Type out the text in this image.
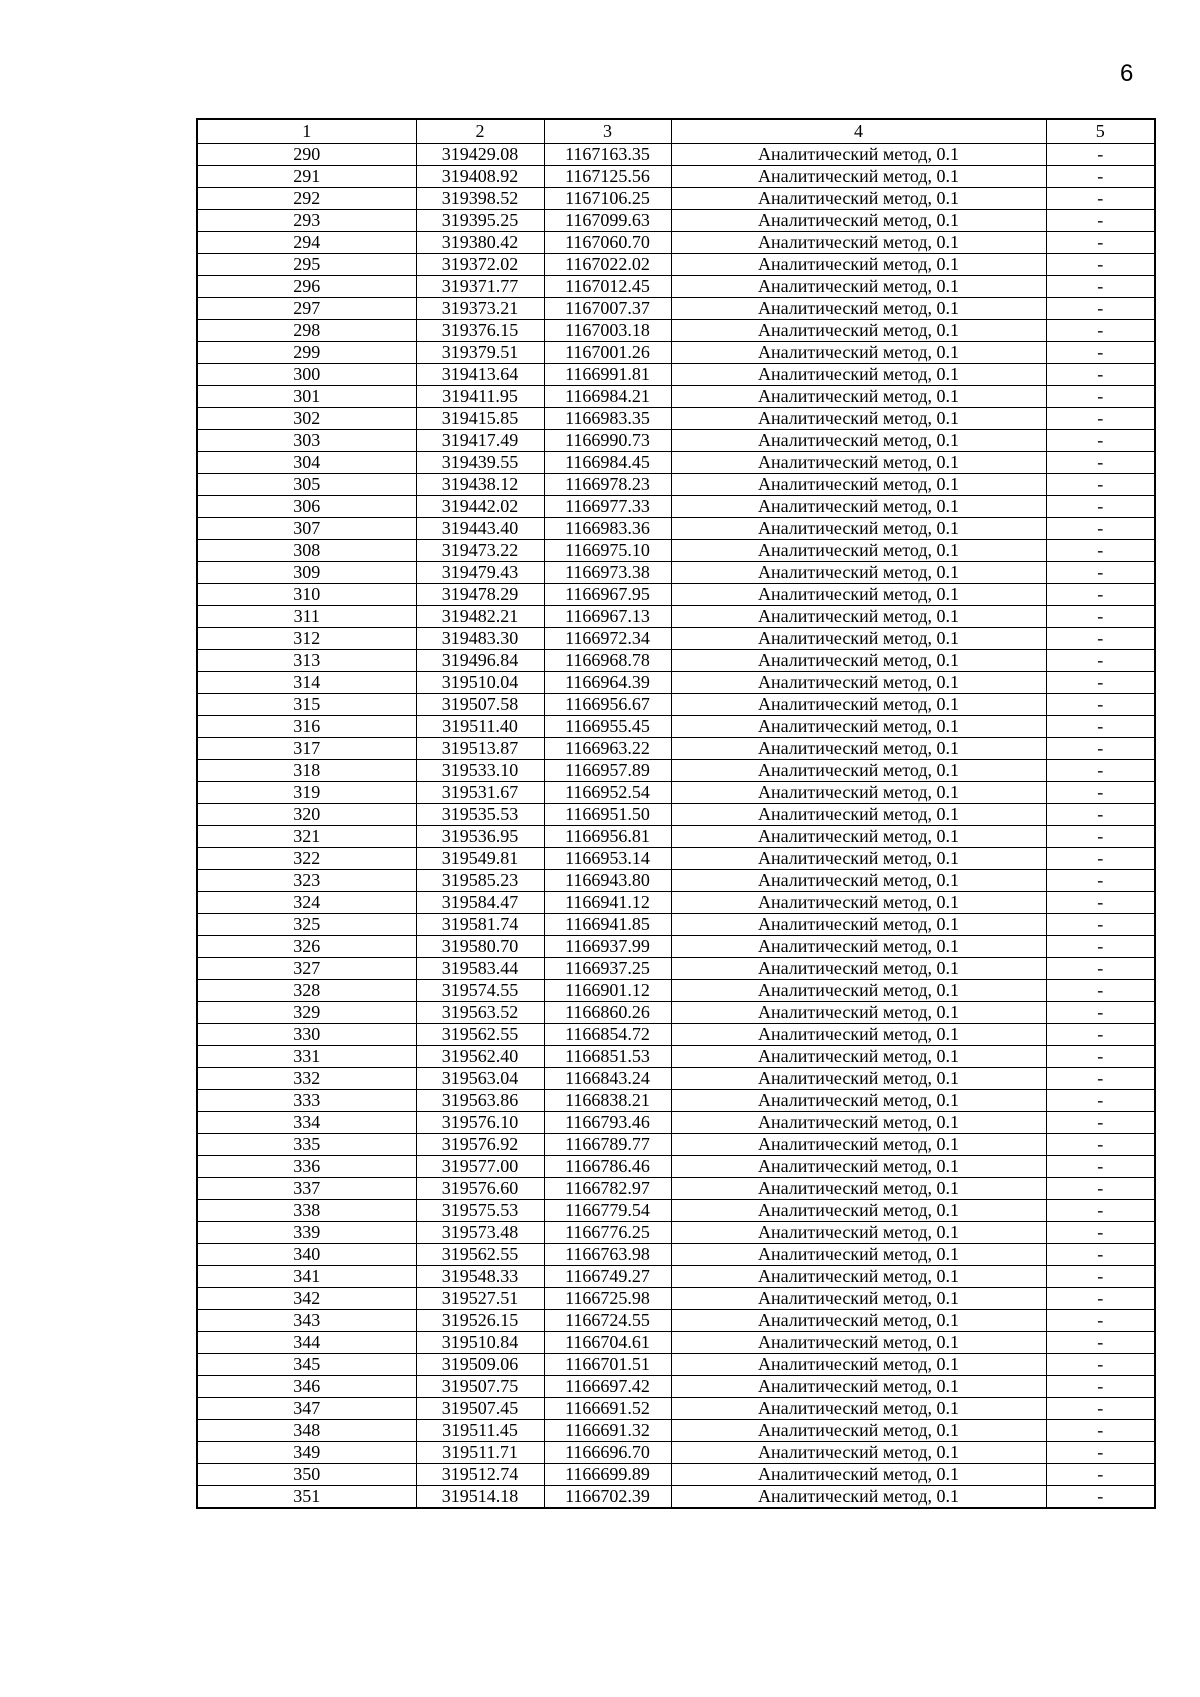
6
1	2	3	4	5
290	319429.08	1167163.35	Аналитический метод, 0.1	-
291	319408.92	1167125.56	Аналитический метод, 0.1	-
292	319398.52	1167106.25	Аналитический метод, 0.1	-
293	319395.25	1167099.63	Аналитический метод, 0.1	-
294	319380.42	1167060.70	Аналитический метод, 0.1	-
295	319372.02	1167022.02	Аналитический метод, 0.1	-
296	319371.77	1167012.45	Аналитический метод, 0.1	-
297	319373.21	1167007.37	Аналитический метод, 0.1	-
298	319376.15	1167003.18	Аналитический метод, 0.1	-
299	319379.51	1167001.26	Аналитический метод, 0.1	-
300	319413.64	1166991.81	Аналитический метод, 0.1	-
301	319411.95	1166984.21	Аналитический метод, 0.1	-
302	319415.85	1166983.35	Аналитический метод, 0.1	-
303	319417.49	1166990.73	Аналитический метод, 0.1	-
304	319439.55	1166984.45	Аналитический метод, 0.1	-
305	319438.12	1166978.23	Аналитический метод, 0.1	-
306	319442.02	1166977.33	Аналитический метод, 0.1	-
307	319443.40	1166983.36	Аналитический метод, 0.1	-
308	319473.22	1166975.10	Аналитический метод, 0.1	-
309	319479.43	1166973.38	Аналитический метод, 0.1	-
310	319478.29	1166967.95	Аналитический метод, 0.1	-
311	319482.21	1166967.13	Аналитический метод, 0.1	-
312	319483.30	1166972.34	Аналитический метод, 0.1	-
313	319496.84	1166968.78	Аналитический метод, 0.1	-
314	319510.04	1166964.39	Аналитический метод, 0.1	-
315	319507.58	1166956.67	Аналитический метод, 0.1	-
316	319511.40	1166955.45	Аналитический метод, 0.1	-
317	319513.87	1166963.22	Аналитический метод, 0.1	-
318	319533.10	1166957.89	Аналитический метод, 0.1	-
319	319531.67	1166952.54	Аналитический метод, 0.1	-
320	319535.53	1166951.50	Аналитический метод, 0.1	-
321	319536.95	1166956.81	Аналитический метод, 0.1	-
322	319549.81	1166953.14	Аналитический метод, 0.1	-
323	319585.23	1166943.80	Аналитический метод, 0.1	-
324	319584.47	1166941.12	Аналитический метод, 0.1	-
325	319581.74	1166941.85	Аналитический метод, 0.1	-
326	319580.70	1166937.99	Аналитический метод, 0.1	-
327	319583.44	1166937.25	Аналитический метод, 0.1	-
328	319574.55	1166901.12	Аналитический метод, 0.1	-
329	319563.52	1166860.26	Аналитический метод, 0.1	-
330	319562.55	1166854.72	Аналитический метод, 0.1	-
331	319562.40	1166851.53	Аналитический метод, 0.1	-
332	319563.04	1166843.24	Аналитический метод, 0.1	-
333	319563.86	1166838.21	Аналитический метод, 0.1	-
334	319576.10	1166793.46	Аналитический метод, 0.1	-
335	319576.92	1166789.77	Аналитический метод, 0.1	-
336	319577.00	1166786.46	Аналитический метод, 0.1	-
337	319576.60	1166782.97	Аналитический метод, 0.1	-
338	319575.53	1166779.54	Аналитический метод, 0.1	-
339	319573.48	1166776.25	Аналитический метод, 0.1	-
340	319562.55	1166763.98	Аналитический метод, 0.1	-
341	319548.33	1166749.27	Аналитический метод, 0.1	-
342	319527.51	1166725.98	Аналитический метод, 0.1	-
343	319526.15	1166724.55	Аналитический метод, 0.1	-
344	319510.84	1166704.61	Аналитический метод, 0.1	-
345	319509.06	1166701.51	Аналитический метод, 0.1	-
346	319507.75	1166697.42	Аналитический метод, 0.1	-
347	319507.45	1166691.52	Аналитический метод, 0.1	-
348	319511.45	1166691.32	Аналитический метод, 0.1	-
349	319511.71	1166696.70	Аналитический метод, 0.1	-
350	319512.74	1166699.89	Аналитический метод, 0.1	-
351	319514.18	1166702.39	Аналитический метод, 0.1	-
